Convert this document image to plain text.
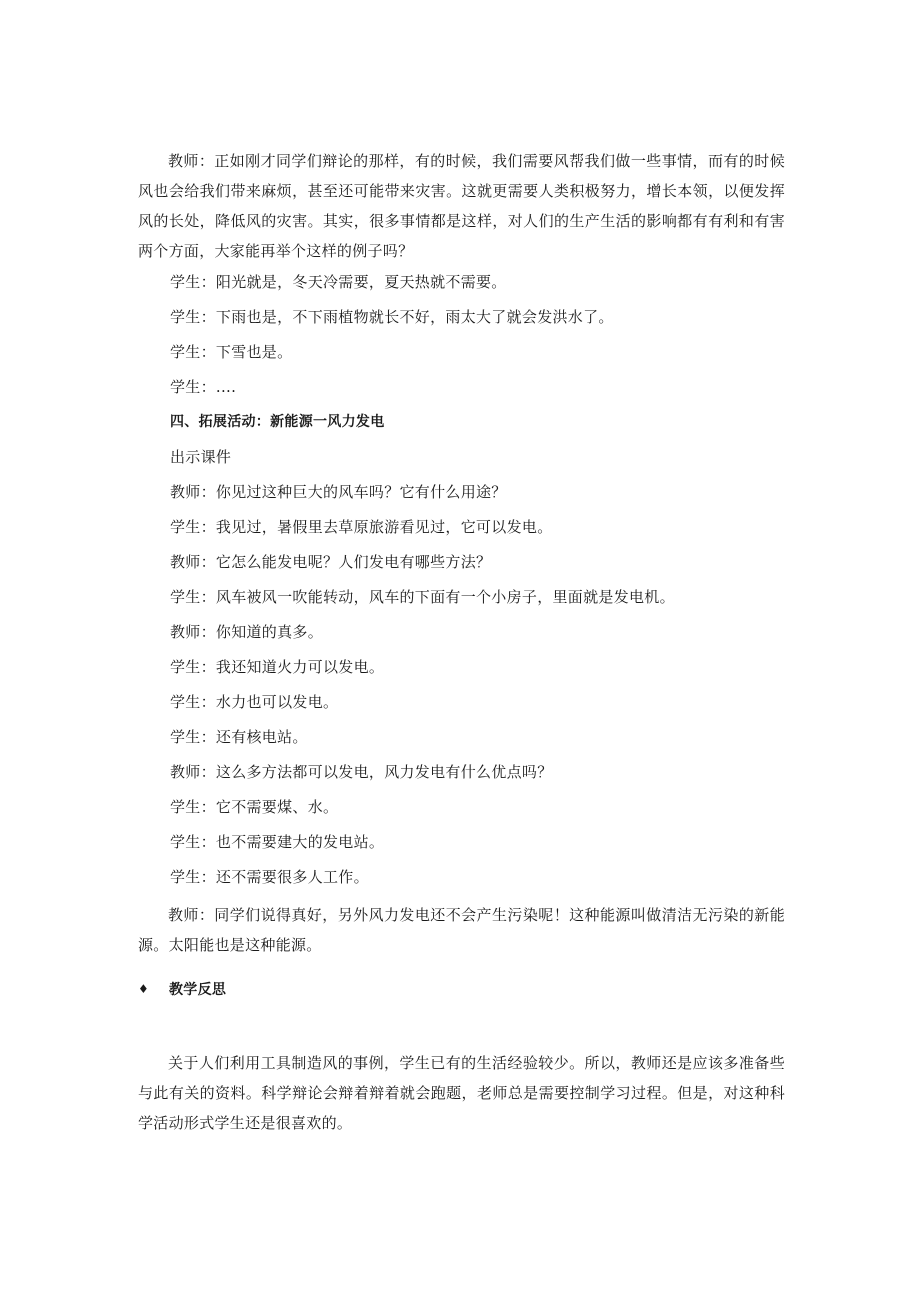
教师：正如刚才同学们辩论的那样，有的时候，我们需要风帮我们做一些事情，而有的时候风也会给我们带来麻烦，甚至还可能带来灾害。这就更需要人类积极努力，增长本领，以便发挥风的长处，降低风的灾害。其实，很多事情都是这样，对人们的生产生活的影响都有有利和有害两个方面，大家能再举个这样的例子吗？

学生：阳光就是，冬天冷需要，夏天热就不需要。

学生：下雨也是，不下雨植物就长不好，雨太大了就会发洪水了。

学生：下雪也是。

学生：....

四、拓展活动：新能源一风力发电

出示课件

教师：你见过这种巨大的风车吗？它有什么用途？

学生：我见过，暑假里去草原旅游看见过，它可以发电。

教师：它怎么能发电呢？人们发电有哪些方法？

学生：风车被风一吹能转动，风车的下面有一个小房子，里面就是发电机。

教师：你知道的真多。

学生：我还知道火力可以发电。

学生：水力也可以发电。

学生：还有核电站。

教师：这么多方法都可以发电，风力发电有什么优点吗？

学生：它不需要煤、水。

学生：也不需要建大的发电站。

学生：还不需要很多人工作。

教师：同学们说得真好，另外风力发电还不会产生污染呢！这种能源叫做清洁无污染的新能源。太阳能也是这种能源。

♦	教学反思

关于人们利用工具制造风的事例，学生已有的生活经验较少。所以，教师还是应该多准备些与此有关的资料。科学辩论会辩着辩着就会跑题，老师总是需要控制学习过程。但是，对这种科学活动形式学生还是很喜欢的。
